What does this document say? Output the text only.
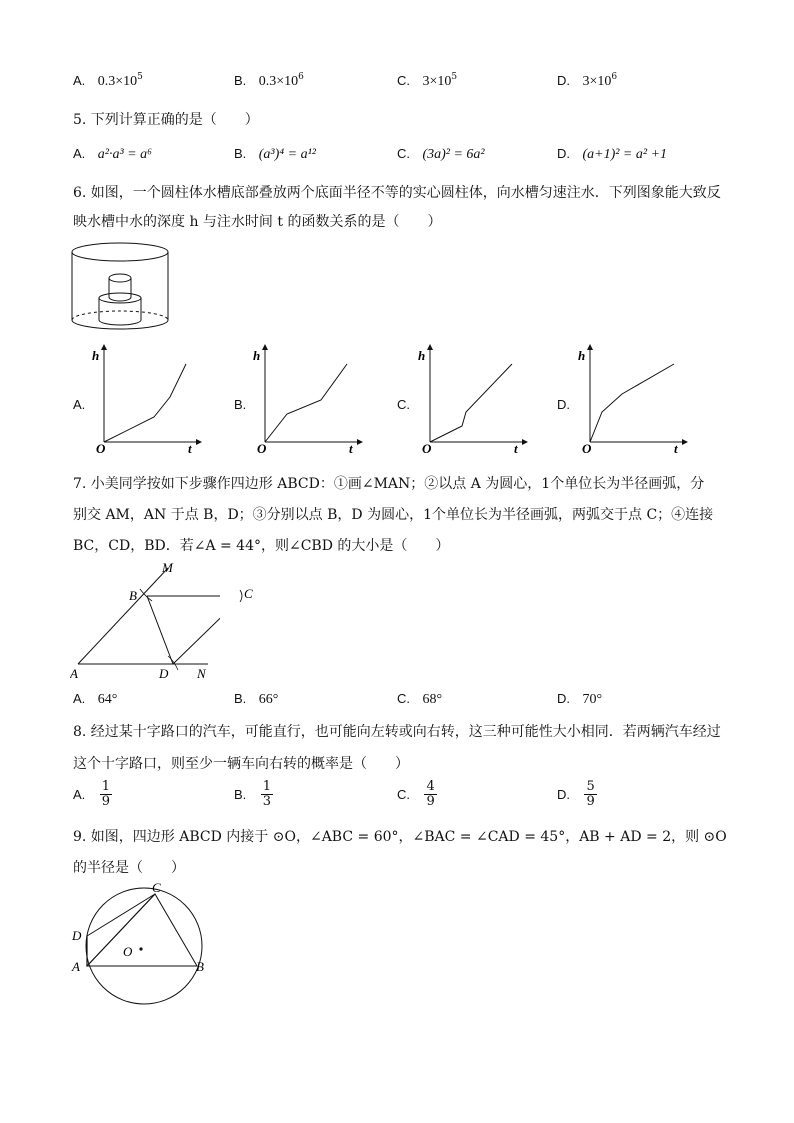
A. $0.3\times 10^5$	B. $0.3\times 10^6$	C. $3\times 10^5$	D. $3\times 10^6$
5. 下列计算正确的是（　　）
A. a²·a³ = a⁶	B. (a³)⁴ = a¹²	C. (3a)² = 6a²	D. (a+1)² = a² +1
6. 如图，一个圆柱体水槽底部叠放两个底面半径不等的实心圆柱体，向水槽匀速注水．下列图象能大致反
映水槽中水的深度 h 与注水时间 t 的函数关系的是（　　）
A.
h
t
O
B.
h
t
O
C.
h
t
O
D.
h
t
O
7. 小美同学按如下步骤作四边形 ABCD：①画∠MAN；②以点 A 为圆心，1个单位长为半径画弧，分
别交 AM，AN 于点 B，D；③分别以点 B，D 为圆心，1个单位长为半径画弧，两弧交于点 C；④连接
BC，CD，BD．若∠A = 44°，则∠CBD 的大小是（　　）
M
B
A	D N
C
A. 64°	B. 66°	C. 68°	D. 70°
8. 经过某十字路口的汽车，可能直行，也可能向左转或向右转，这三种可能性大小相同．若两辆汽车经过
这个十字路口，则至少一辆车向右转的概率是（　　）
A. $\frac{1}{9}$	B. $\frac{1}{3}$	C. $\frac{4}{9}$	D. $\frac{5}{9}$
9. 如图，四边形 ABCD 内接于 ⊙O，∠ABC = 60°，∠BAC = ∠CAD = 45°，AB + AD = 2，则 ⊙O
的半径是（　　）
C
D
O
A	B
